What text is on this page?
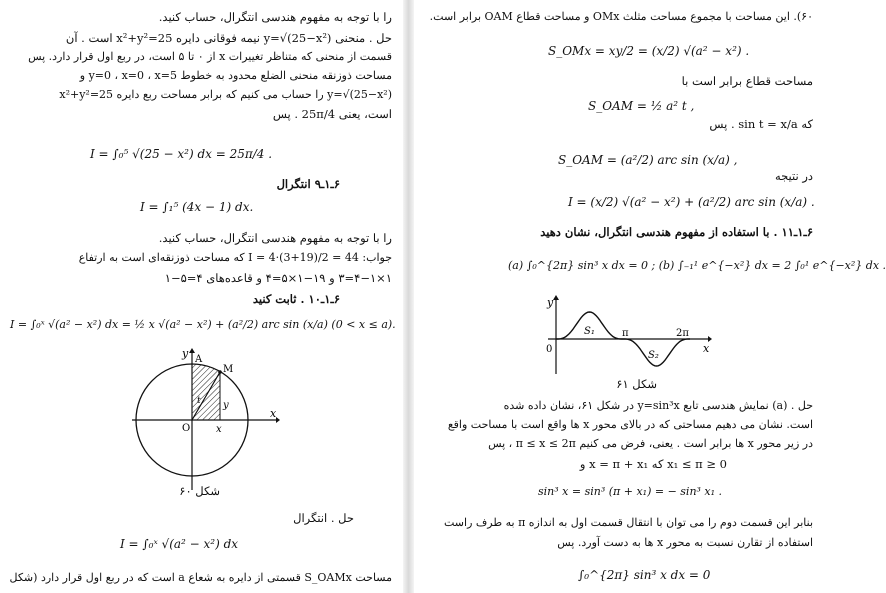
را با توجه به مفهوم هندسی انتگرال، حساب کنید.
حل . منحنی y=√(25−x²) نیمه فوقانی دایره x²+y²=25 است . آن
قسمت از منحنی که متناظر تغییرات x از ۰ تا ۵ است، در ربع اول قرار دارد. پس
مساحت ذوزنقه منحنی الضلع محدود به خطوط y=0 ، x=0 ، x=5 و
y=√(25−x²) را حساب می کنیم که برابر مساحت ربع دایره x²+y²=25
است، یعنی 25π/4 . پس
I = ∫₀⁵ √(25 − x²) dx = 25π/4 .
۶ـ۱ـ۹ انتگرال
I = ∫₁⁵ (4x − 1) dx.
را با توجه به مفهوم هندسی انتگرال، حساب کنید.
جواب: I = 4·(3+19)/2 = 44 که مساحت ذوزنقه‌ای است به ارتفاع
۱×۴−۱=۳ و ۱۹−۱×۵=۴ و قاعده‌های ۴=۵−۱
۶ـ۱ـ۱۰ . ثابت کنید
I = ∫₀ˣ √(a² − x²) dx = ½ x √(a² − x²) + (a²/2) arc sin (x/a) (0 < x ≤ a).
y A
M
t y
O	x
x
شکل ۶۰
حل . انتگرال
I = ∫₀ˣ √(a² − x²) dx
مساحت S_OAMx قسمتی از دایره به شعاع a است که در ربع اول قرار دارد (شکل
۶۰). این مساحت با مجموع مساحت مثلث OMx و مساحت قطاع OAM برابر است.
S_OMx = xy/2 = (x/2) √(a² − x²) .
مساحت قطاع برابر است با
S_OAM = ½ a² t ,
که sin t = x/a . پس
S_OAM = (a²/2) arc sin (x/a) ,
در نتیجه
I = (x/2) √(a² − x²) + (a²/2) arc sin (x/a) .
۶ـ۱ـ۱۱ . با استفاده از مفهوم هندسی انتگرال، نشان دهید
(a) ∫₀^{2π} sin³ x dx = 0 ; (b) ∫₋₁¹ e^{−x²} dx = 2 ∫₀¹ e^{−x²} dx .
y
0
S₁	π	2π
S₂
x
شکل ۶۱
حل . (a) نمایش هندسی تابع y=sin³x در شکل ۶۱، نشان داده شده
است. نشان می دهیم مساحتی که در بالای محور x ها واقع است با مساحت واقع
در زیر محور x ها برابر است . یعنی، فرض می کنیم π ≤ x ≤ 2π ، پس
0 ≤ x₁ ≤ π که x = π + x₁ و
sin³ x = sin³ (π + x₁) = − sin³ x₁ .
بنابر این قسمت دوم را می توان با انتقال قسمت اول به اندازه π به طرف راست
استفاده از تقارن نسبت به محور x ها به دست آورد. پس
∫₀^{2π} sin³ x dx = 0
